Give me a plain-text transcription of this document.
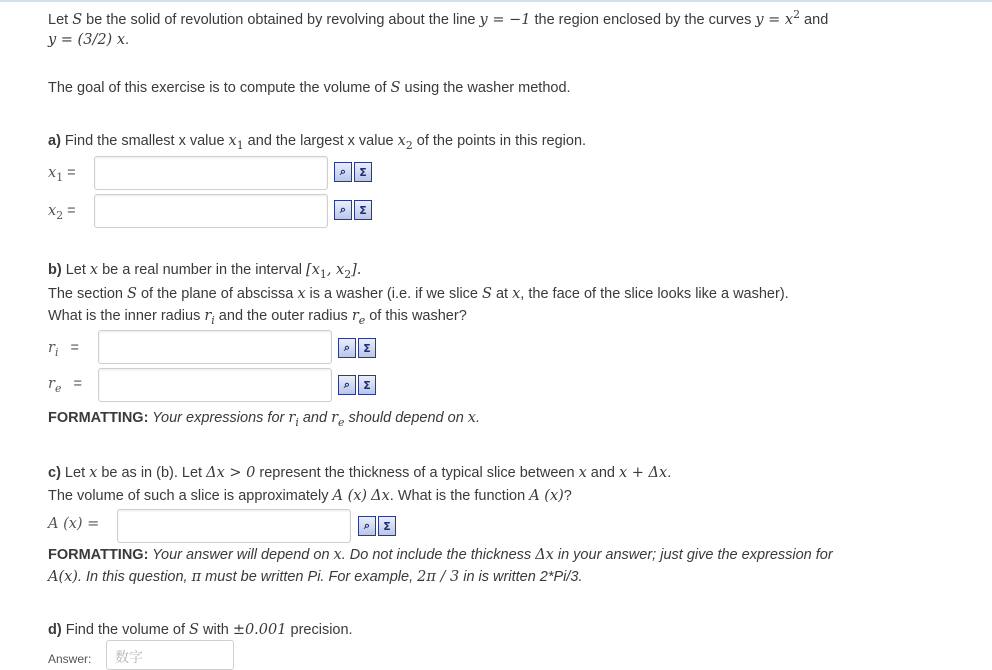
Let S be the solid of revolution obtained by revolving about the line y = −1 the region enclosed by the curves $y = x^2$ and
y = (3/2) x.
The goal of this exercise is to compute the volume of S using the washer method.
a) Find the smallest x value $x_1$ and the largest x value $x_2$ of the points in this region.
$x_1$ =	⌕	Σ
$x_2$ =	⌕	Σ
b) Let x be a real number in the interval [$x_1$, $x_2$].
The section S of the plane of abscissa x is a washer (i.e. if we slice S at x, the face of the slice looks like a washer).
What is the inner radius $r_i$ and the outer radius $r_e$ of this washer?
$r_i$ =	⌕	Σ
$r_e$ =	⌕	Σ
FORMATTING: Your expressions for $r_i$ and $r_e$ should depend on x.
c) Let x be as in (b). Let Δx > 0 represent the thickness of a typical slice between x and x + Δx.
The volume of such a slice is approximately A (x) Δx. What is the function A (x)?
A (x) =	⌕	Σ
FORMATTING: Your answer will depend on x. Do not include the thickness Δx in your answer; just give the expression for
A(x). In this question, π must be written Pi. For example, 2π / 3 in is written 2*Pi/3.
d) Find the volume of S with ±0.001 precision.
Answer:	数字
